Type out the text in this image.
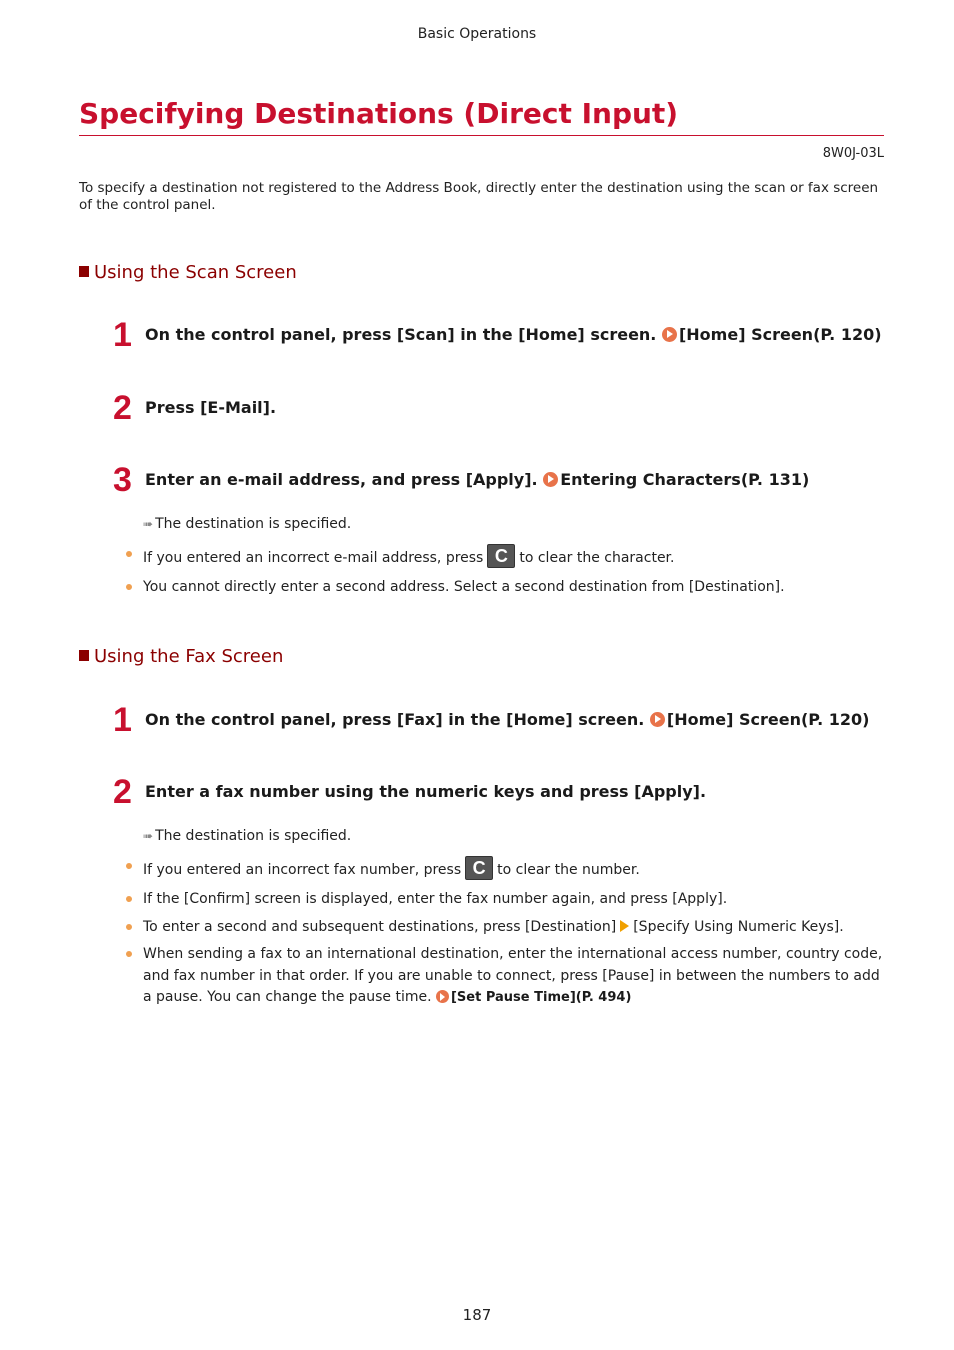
Basic Operations
Specifying Destinations (Direct Input)
8W0J-03L
To specify a destination not registered to the Address Book, directly enter the destination using the scan or fax screen of the control panel.
Using the Scan Screen
1 On the control panel, press [Scan] in the [Home] screen. [Home] Screen(P. 120)
2 Press [E-Mail].
3 Enter an e-mail address, and press [Apply]. Entering Characters(P. 131)
➠ The destination is specified.
If you entered an incorrect e-mail address, press C to clear the character.
You cannot directly enter a second address. Select a second destination from [Destination].
Using the Fax Screen
1 On the control panel, press [Fax] in the [Home] screen. [Home] Screen(P. 120)
2 Enter a fax number using the numeric keys and press [Apply].
➠ The destination is specified.
If you entered an incorrect fax number, press C to clear the number.
If the [Confirm] screen is displayed, enter the fax number again, and press [Apply].
To enter a second and subsequent destinations, press [Destination] [Specify Using Numeric Keys].
When sending a fax to an international destination, enter the international access number, country code, and fax number in that order. If you are unable to connect, press [Pause] in between the numbers to add a pause. You can change the pause time. [Set Pause Time](P. 494)
187
